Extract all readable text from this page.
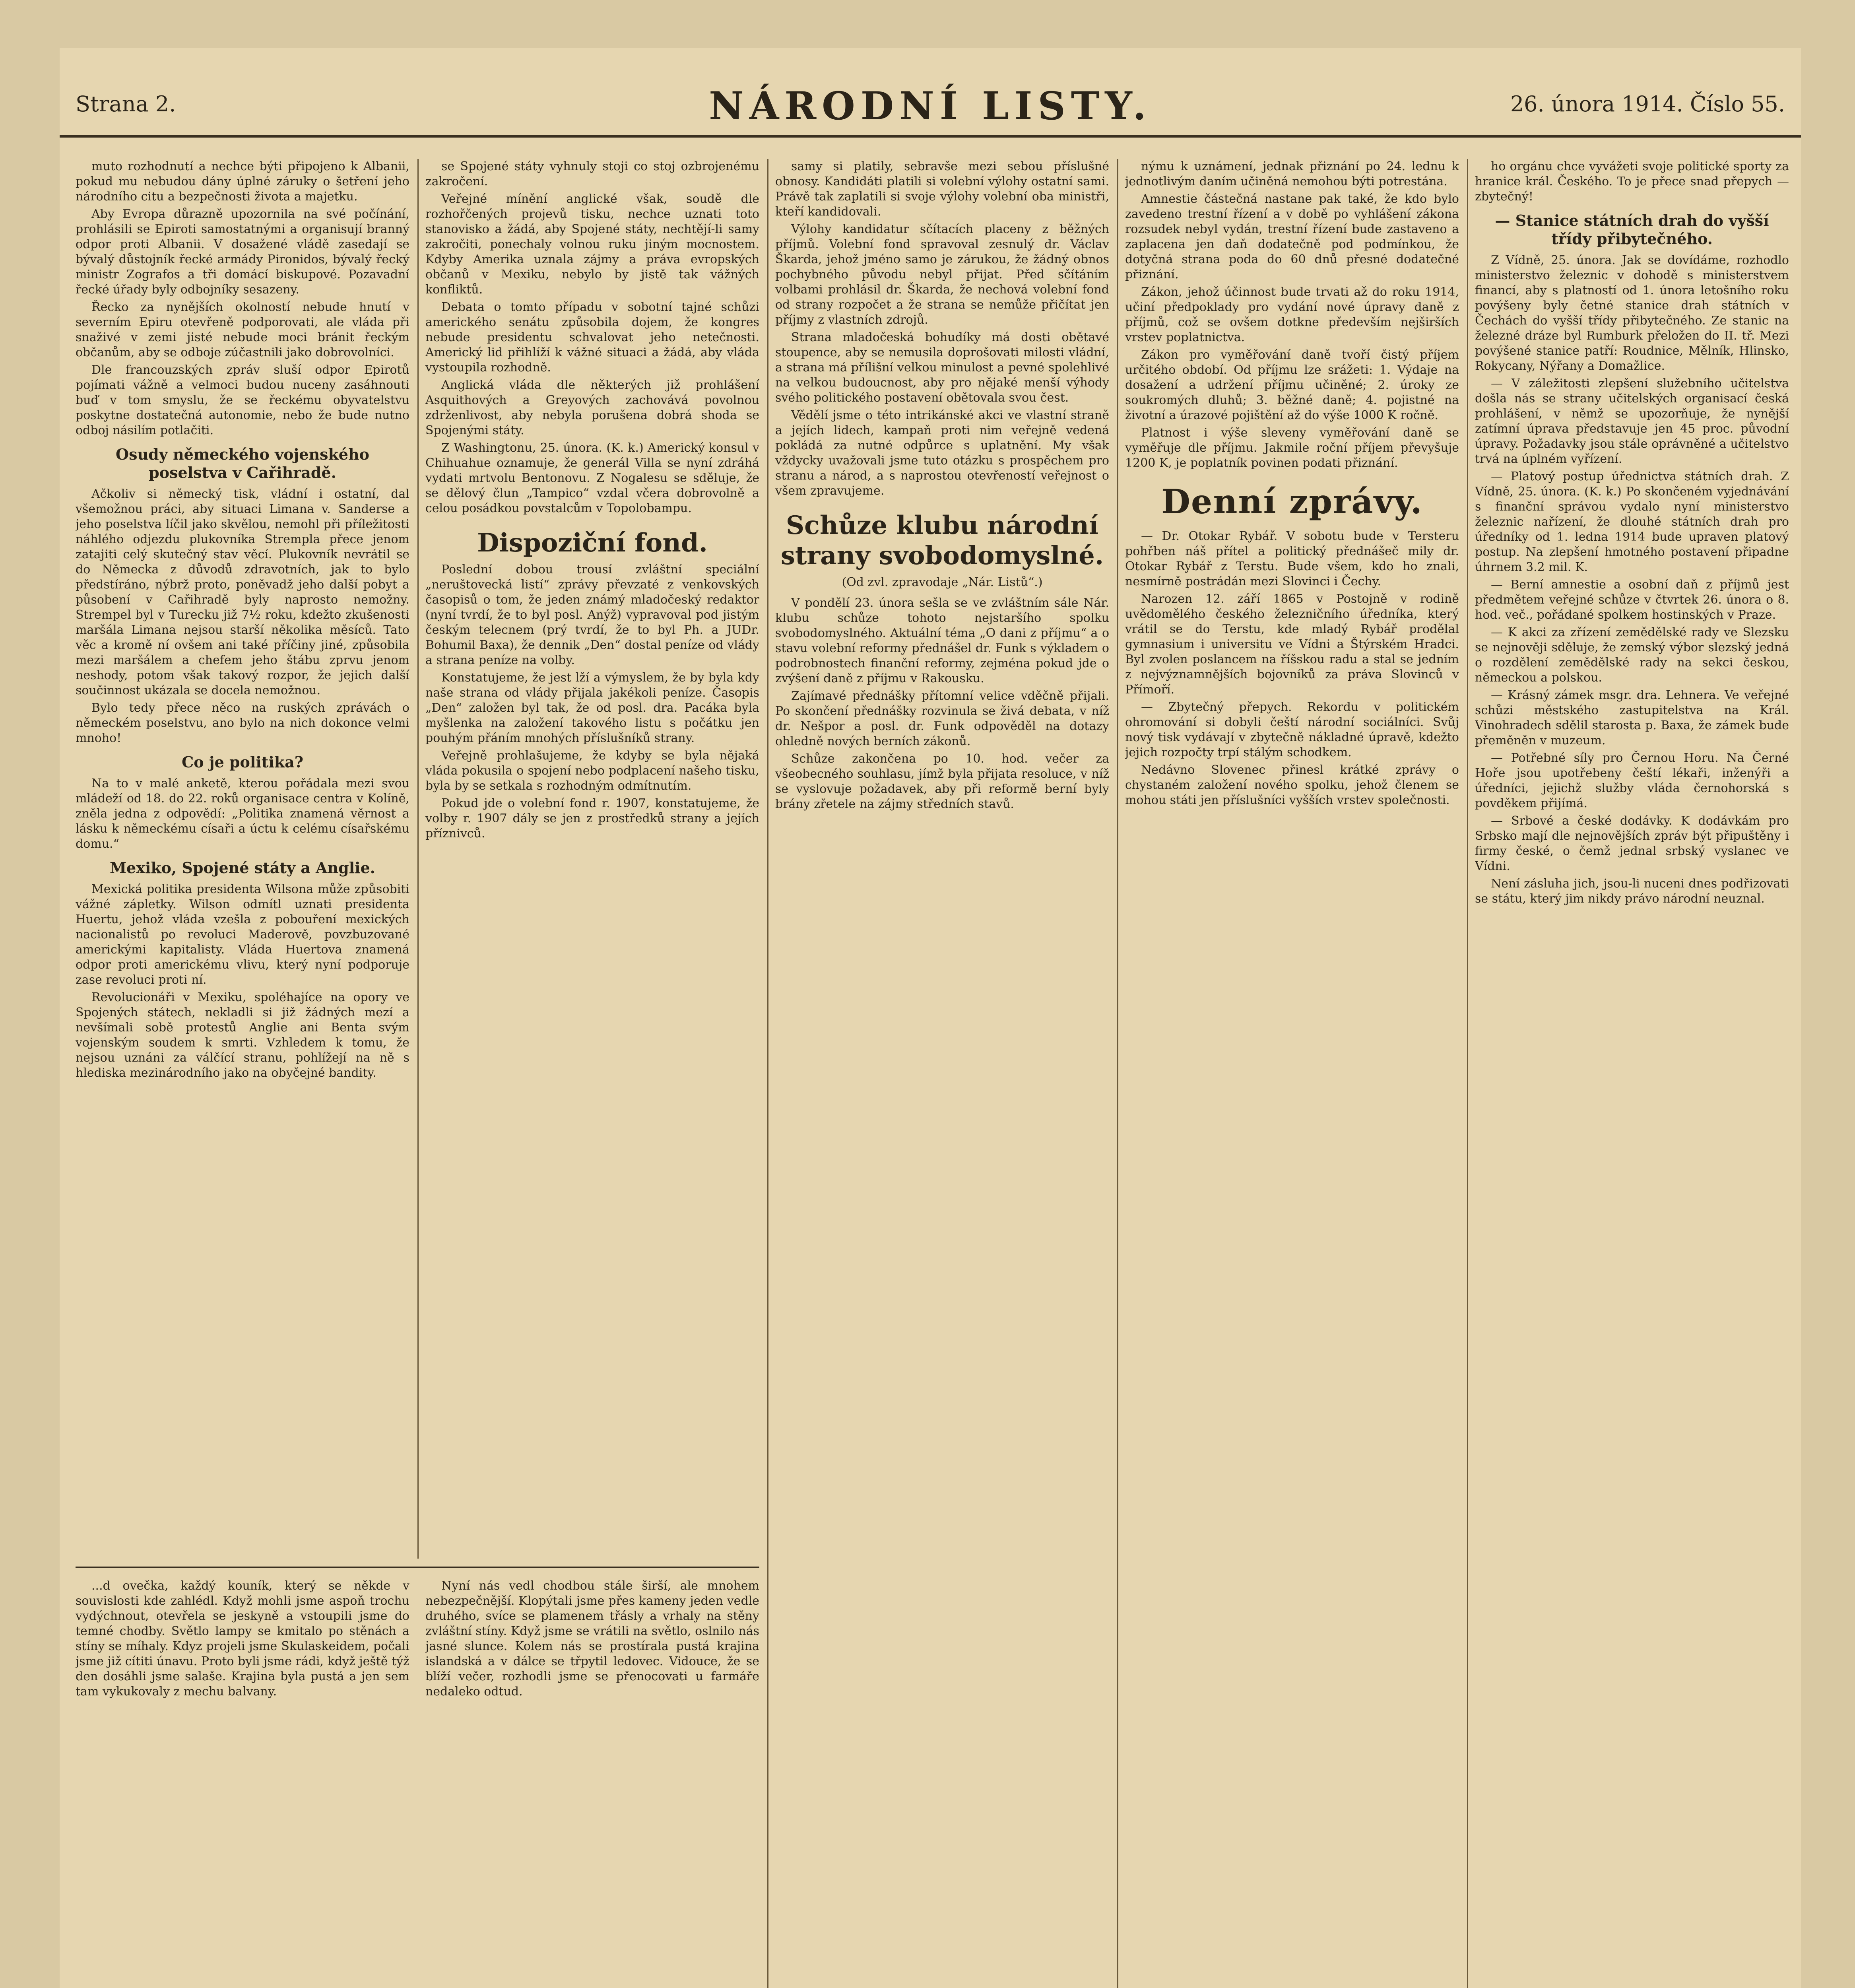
Strana 2.	NÁRODNÍ LISTY.	26. února 1914. Číslo 55.

muto rozhodnutí a nechce býti připojeno k Albanii, pokud mu nebudou dány úplné záruky o šetření jeho národního citu a bezpečnosti života a majetku.

Aby Evropa důrazně upozornila na své počínání, prohlásili se Epiroti samostatnými a organisují branný odpor proti Albanii. V dosažené vládě zasedají se bývalý důstojník řecké armády Pironidos, bývalý řecký ministr Zografos a tři domácí biskupové. Pozavadní řecké úřady byly odbojníky sesazeny.

Řecko za nynějších okolností nebude hnutí v severním Epiru otevřeně podporovati, ale vláda při snaživé v zemi jisté nebude moci bránit řeckým občanům, aby se odboje zúčastnili jako dobrovolníci.

Dle francouzských zpráv sluší odpor Epirotů pojímati vážně a velmoci budou nuceny zasáhnouti buď v tom smyslu, že se řeckému obyvatelstvu poskytne dostatečná autonomie, nebo že bude nutno odboj násilím potlačiti.

Osudy německého vojenského poselstva v Cařihradě.

Ačkoliv si německý tisk, vládní i ostatní, dal všemožnou práci, aby situaci Limana v. Sanderse a jeho poselstva líčil jako skvělou, nemohl při příležitosti náhlého odjezdu plukovníka Strempla přece jenom zatajiti celý skutečný stav věcí. Plukovník nevrátil se do Německa z důvodů zdravotních, jak to bylo předstíráno, nýbrž proto, poněvadž jeho další pobyt a působení v Cařihradě byly naprosto nemožny. Strempel byl v Turecku již 7½ roku, kdežto zkušenosti maršála Limana nejsou starší několika měsíců. Tato věc a kromě ní ovšem ani také příčiny jiné, způsobila mezi maršálem a chefem jeho štábu zprvu jenom neshody, potom však takový rozpor, že jejich další součinnost ukázala se docela nemožnou.

Bylo tedy přece něco na ruských zprávách o německém poselstvu, ano bylo na nich dokonce velmi mnoho!

Co je politika?

Na to v malé anketě, kterou pořádala mezi svou mládeží od 18. do 22. roků organisace centra v Kolíně, zněla jedna z odpovědí: „Politika znamená věrnost a lásku k německému císaři a úctu k celému císařskému domu.“

Mexiko, Spojené státy a Anglie.

Mexická politika presidenta Wilsona může způsobiti vážné zápletky. Wilson odmítl uznati presidenta Huertu, jehož vláda vzešla z pobouření mexických nacionalistů po revoluci Maderově, povzbuzované americkými kapitalisty. Vláda Huertova znamená odpor proti americkému vlivu, který nyní podporuje zase revoluci proti ní.

Revolucionáři v Mexiku, spoléhajíce na opory ve Spojených státech, nekladli si již žádných mezí a nevšímali sobě protestů Anglie ani Benta svým vojenským soudem k smrti. Vzhledem k tomu, že nejsou uznáni za válčící stranu, pohlížejí na ně s hlediska mezinárodního jako na obyčejné bandity.

se Spojené státy vyhnuly stoji co stoj ozbrojenému zakročení.

Veřejné mínění anglické však, soudě dle rozhořčených projevů tisku, nechce uznati toto stanovisko a žádá, aby Spojené státy, nechtějí-li samy zakročiti, ponechaly volnou ruku jiným mocnostem. Kdyby Amerika uznala zájmy a práva evropských občanů v Mexiku, nebylo by jistě tak vážných konfliktů.

Debata o tomto případu v sobotní tajné schůzi amerického senátu způsobila dojem, že kongres nebude presidentu schvalovat jeho netečnosti. Americký lid přihlíží k vážné situaci a žádá, aby vláda vystoupila rozhodně.

Anglická vláda dle některých již prohlášení Asquithových a Greyových zachovává povolnou zdrženlivost, aby nebyla porušena dobrá shoda se Spojenými státy.

Z Washingtonu, 25. února. (K. k.) Americký konsul v Chihuahue oznamuje, že generál Villa se nyní zdráhá vydati mrtvolu Bentonovu. Z Nogalesu se sděluje, že se dělový člun „Tampico“ vzdal včera dobrovolně a celou posádkou povstalcům v Topolobampu.

Dispoziční fond.

Poslední dobou trousí zvláštní speciální „neruštovecká listí“ zprávy převzaté z venkovských časopisů o tom, že jeden známý mladočeský redaktor (nyní tvrdí, že to byl posl. Anýž) vypravoval pod jistým českým telecnem (prý tvrdí, že to byl Ph. a JUDr. Bohumil Baxa), že dennik „Den“ dostal peníze od vlády a strana peníze na volby.

Konstatujeme, že jest lží a výmyslem, že by byla kdy naše strana od vlády přijala jakékoli peníze. Časopis „Den“ založen byl tak, že od posl. dra. Pacáka byla myšlenka na založení takového listu s počátku jen pouhým přáním mnohých příslušníků strany.

Veřejně prohlašujeme, že kdyby se byla nějaká vláda pokusila o spojení nebo podplacení našeho tisku, byla by se setkala s rozhodným odmítnutím.

Pokud jde o volební fond r. 1907, konstatujeme, že volby r. 1907 dály se jen z prostředků strany a jejích příznivců.

samy si platily, sebravše mezi sebou příslušné obnosy. Kandidáti platili si volební výlohy ostatní sami. Právě tak zaplatili si svoje výlohy volební oba ministři, kteří kandidovali.

Výlohy kandidatur sčítacích placeny z běžných příjmů. Volební fond spravoval zesnulý dr. Václav Škarda, jehož jméno samo je zárukou, že žádný obnos pochybného původu nebyl přijat. Před sčítáním volbami prohlásil dr. Škarda, že nechová volební fond od strany rozpočet a že strana se nemůže přičítat jen příjmy z vlastních zdrojů.

Strana mladočeská bohudíky má dosti obětavé stoupence, aby se nemusila doprošovati milosti vládní, a strana má přílišní velkou minulost a pevné spolehlivé na velkou budoucnost, aby pro nějaké menší výhody svého politického postavení obětovala svou čest.

Vědělí jsme o této intrikánské akci ve vlastní straně a jejích lidech, kampaň proti nim veřejně vedená pokládá za nutné odpůrce s uplatnění. My však vždycky uvažovali jsme tuto otázku s prospěchem pro stranu a národ, a s naprostou otevřeností veřejnost o všem zpravujeme.

Schůze klubu národní strany svobodomyslné.
(Od zvl. zpravodaje „Nár. Listů“.)

V pondělí 23. února sešla se ve zvláštním sále Nár. klubu schůze tohoto nejstaršího spolku svobodomyslného. Aktuální téma „O dani z příjmu“ a o stavu volební reformy přednášel dr. Funk s výkladem o podrobnostech finanční reformy, zejména pokud jde o zvýšení daně z příjmu v Rakousku.

Zajímavé přednášky přítomní velice vděčně přijali. Po skončení přednášky rozvinula se živá debata, v níž dr. Nešpor a posl. dr. Funk odpověděl na dotazy ohledně nových berních zákonů.

Schůze zakončena po 10. hod. večer za všeobecného souhlasu, jímž byla přijata resoluce, v níž se vyslovuje požadavek, aby při reformě berní byly brány zřetele na zájmy středních stavů.

nýmu k uznámení, jednak přiznání po 24. lednu k jednotlivým daním učiněná nemohou býti potrestána.

Amnestie částečná nastane pak také, že kdo bylo zavedeno trestní řízení a v době po vyhlášení zákona rozsudek nebyl vydán, trestní řízení bude zastaveno a zaplacena jen daň dodatečně pod podmínkou, že dotyčná strana poda do 60 dnů přesné dodatečné přiznání.

Zákon, jehož účinnost bude trvati až do roku 1914, učiní předpoklady pro vydání nové úpravy daně z příjmů, což se ovšem dotkne především nejširších vrstev poplatnictva.

Zákon pro vyměřování daně tvoří čistý příjem určitého období. Od příjmu lze srážeti: 1. Výdaje na dosažení a udržení příjmu učiněné; 2. úroky ze soukromých dluhů; 3. běžné daně; 4. pojistné na životní a úrazové pojištění až do výše 1000 K ročně.

Platnost i výše sleveny vyměřování daně se vyměřuje dle příjmu. Jakmile roční příjem převyšuje 1200 K, je poplatník povinen podati přiznání.

Denní zprávy.

— Dr. Otokar Rybář. V sobotu bude v Tersteru pohřben náš přítel a politický přednášeč mily dr. Otokar Rybář z Terstu. Bude všem, kdo ho znali, nesmírně postrádán mezi Slovinci i Čechy.

Narozen 12. září 1865 v Postojně v rodině uvědomělého českého železničního úředníka, který vrátil se do Terstu, kde mladý Rybář prodělal gymnasium i universitu ve Vídni a Štýrském Hradci. Byl zvolen poslancem na říšskou radu a stal se jedním z nejvýznamnějších bojovníků za práva Slovinců v Přímoří.

— Zbytečný přepych. Rekordu v politickém ohromování si dobyli čeští národní sociálníci. Svůj nový tisk vydávají v zbytečně nákladné úpravě, kdežto jejich rozpočty trpí stálým schodkem.

Nedávno Slovenec přinesl krátké zprávy o chystaném založení nového spolku, jehož členem se mohou státi jen příslušníci vyšších vrstev společnosti.

ho orgánu chce vyvážeti svoje politické sporty za hranice král. Českého. To je přece snad přepych — zbytečný!

— Stanice státních drah do vyšší třídy přibytečného.

Z Vídně, 25. února. Jak se dovídáme, rozhodlo ministerstvo železnic v dohodě s ministerstvem financí, aby s platností od 1. února letošního roku povýšeny byly četné stanice drah státních v Čechách do vyšší třídy přibytečného. Ze stanic na železné dráze byl Rumburk přeložen do II. tř. Mezi povýšené stanice patří: Roudnice, Mělník, Hlinsko, Rokycany, Nýřany a Domažlice.

— V záležitosti zlepšení služebního učitelstva došla nás se strany učitelských organisací česká prohlášení, v němž se upozorňuje, že nynější zatímní úprava představuje jen 45 proc. původní úpravy. Požadavky jsou stále oprávněné a učitelstvo trvá na úplném vyřízení.

— Platový postup úřednictva státních drah. Z Vídně, 25. února. (K. k.) Po skončeném vyjednávání s finanční správou vydalo nyní ministerstvo železnic nařízení, že dlouhé státních drah pro úředníky od 1. ledna 1914 bude upraven platový postup. Na zlepšení hmotného postavení připadne úhrnem 3.2 mil. K.

— Berní amnestie a osobní daň z příjmů jest předmětem veřejné schůze v čtvrtek 26. února o 8. hod. več., pořádané spolkem hostinských v Praze.

— K akci za zřízení zemědělské rady ve Slezsku se nejnověji sděluje, že zemský výbor slezský jedná o rozdělení zemědělské rady na sekci českou, německou a polskou.

— Krásný zámek msgr. dra. Lehnera. Ve veřejné schůzi městského zastupitelstva na Král. Vinohradech sdělil starosta p. Baxa, že zámek bude přeměněn v muzeum.

— Potřebné síly pro Černou Horu. Na Černé Hoře jsou upotřebeny čeští lékaři, inženýři a úředníci, jejichž služby vláda černohorská s povděkem přijímá.

— Srbové a české dodávky. K dodávkám pro Srbsko mají dle nejnovějších zpráv být připuštěny i firmy české, o čemž jednal srbský vyslanec ve Vídni.

Není zásluha jich, jsou-li nuceni dnes podřizovati se státu, který jim nikdy právo národní neuznal.

...d ovečka, každý kouník, který se někde v souvislosti kde zahlédl. Když mohli jsme aspoň trochu vydýchnout, otevřela se jeskyně a vstoupili jsme do temné chodby. Světlo lampy se kmitalo po stěnách a stíny se míhaly. Kdyz projeli jsme Skulaskeidem, počali jsme již cítiti únavu. Proto byli jsme rádi, když ještě týž den dosáhli jsme salaše. Krajina byla pustá a jen sem tam vykukovaly z mechu balvany.

Nyní nás vedl chodbou stále širší, ale mnohem nebezpečnější. Klopýtali jsme přes kameny jeden vedle druhého, svíce se plamenem třásly a vrhaly na stěny zvláštní stíny. Když jsme se vrátili na světlo, oslnilo nás jasné slunce. Kolem nás se prostírala pustá krajina islandská a v dálce se třpytil ledovec. Vidouce, že se blíží večer, rozhodli jsme se přenocovati u farmáře nedaleko odtud.
